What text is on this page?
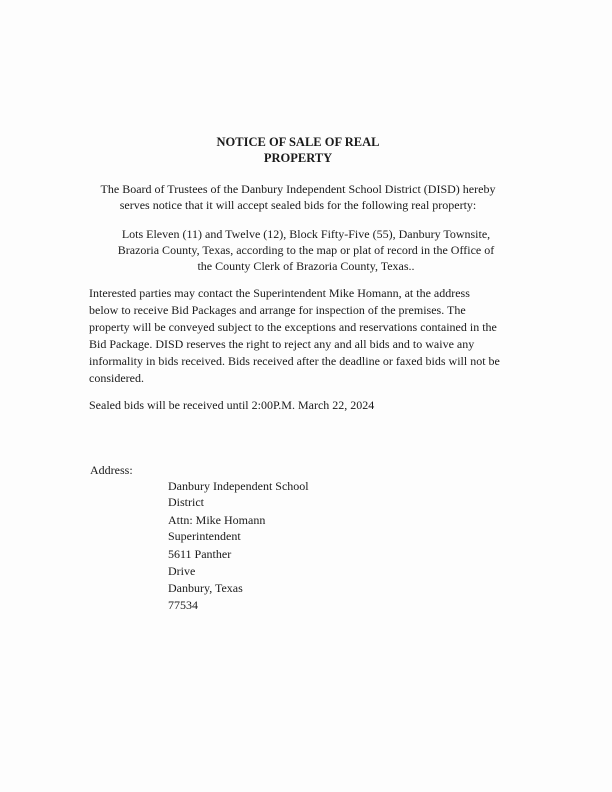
NOTICE OF SALE OF REAL
PROPERTY
The Board of Trustees of the Danbury Independent School District (DISD) hereby
serves notice that it will accept sealed bids for the following real property:
Lots Eleven (11) and Twelve (12), Block Fifty-Five (55), Danbury Townsite,
Brazoria County, Texas, according to the map or plat of record in the Office of
the County Clerk of Brazoria County, Texas..
Interested parties may contact the Superintendent Mike Homann, at the address
below to receive Bid Packages and arrange for inspection of the premises. The
property will be conveyed subject to the exceptions and reservations contained in the
Bid Package. DISD reserves the right to reject any and all bids and to waive any
informality in bids received. Bids received after the deadline or faxed bids will not be
considered.
Sealed bids will be received until 2:00P.M. March 22, 2024
Address:
Danbury Independent School
District
Attn: Mike Homann
Superintendent
5611 Panther
Drive
Danbury, Texas
77534
